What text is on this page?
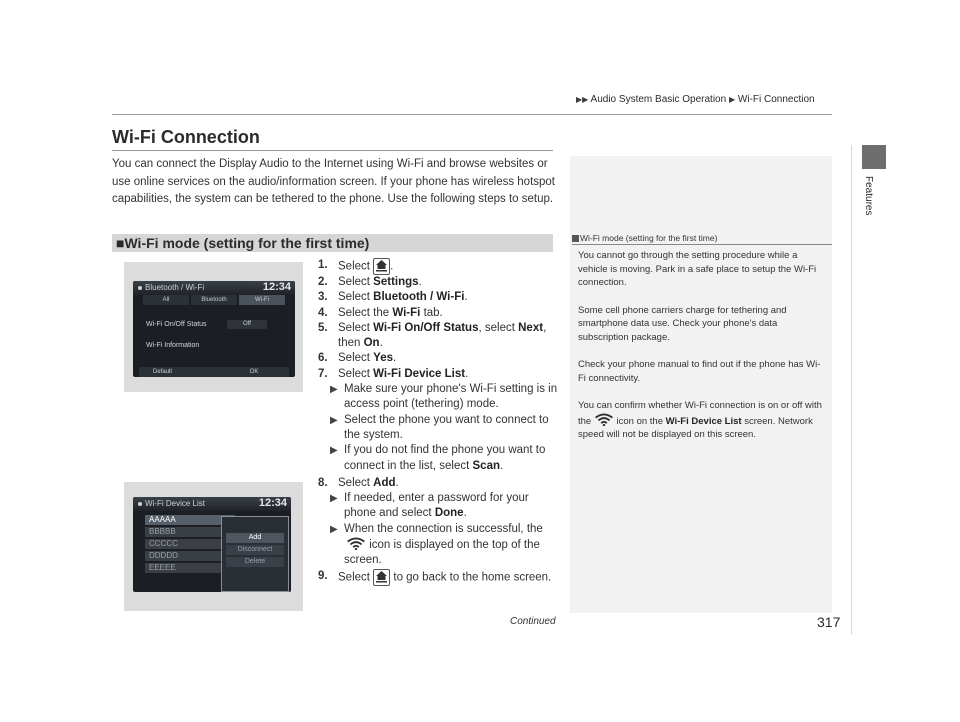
▶▶ Audio System Basic Operation ▶ Wi-Fi Connection
Features
Wi-Fi Connection
You can connect the Display Audio to the Internet using Wi-Fi and browse websites or use online services on the audio/information screen. If your phone has wireless hotspot capabilities, the system can be tethered to the phone. Use the following steps to setup.
■Wi-Fi mode (setting for the first time)	Wi-Fi mode (setting for the first time)

You cannot go through the setting procedure while a vehicle is moving. Park in a safe place to setup the Wi-Fi connection.

Some cell phone carriers charge for tethering and smartphone data use. Check your phone's data subscription package.

Check your phone manual to find out if the phone has Wi-Fi connectivity.

You can confirm whether Wi-Fi connection is on or off with the	icon on the Wi-Fi Device List screen. Network speed will not be displayed on this screen.

Bluetooth / Wi-Fi	12:34
All	Bluetooth	Wi-Fi
Wi-Fi On/Off Status	Off
Wi-Fi Information
Default	OK
Wi-Fi Device List	12:34
AAAAA
BBBBB
CCCCC
DDDDD
EEEEE
Add
Disconnect
Delete
1. Select .
2. Select Settings.
3. Select Bluetooth / Wi-Fi.
4. Select the Wi-Fi tab.
5. Select Wi-Fi On/Off Status, select Next, then On.
6. Select Yes.
7. Select Wi-Fi Device List.
▶ Make sure your phone's Wi-Fi setting is in access point (tethering) mode.
▶ Select the phone you want to connect to the system.
▶ If you do not find the phone you want to connect in the list, select Scan.
8. Select Add.
▶ If needed, enter a password for your phone and select Done.
▶ When the connection is successful, the  icon is displayed on the top of the screen.
9. Select to go back to the home screen.
Continued	317
